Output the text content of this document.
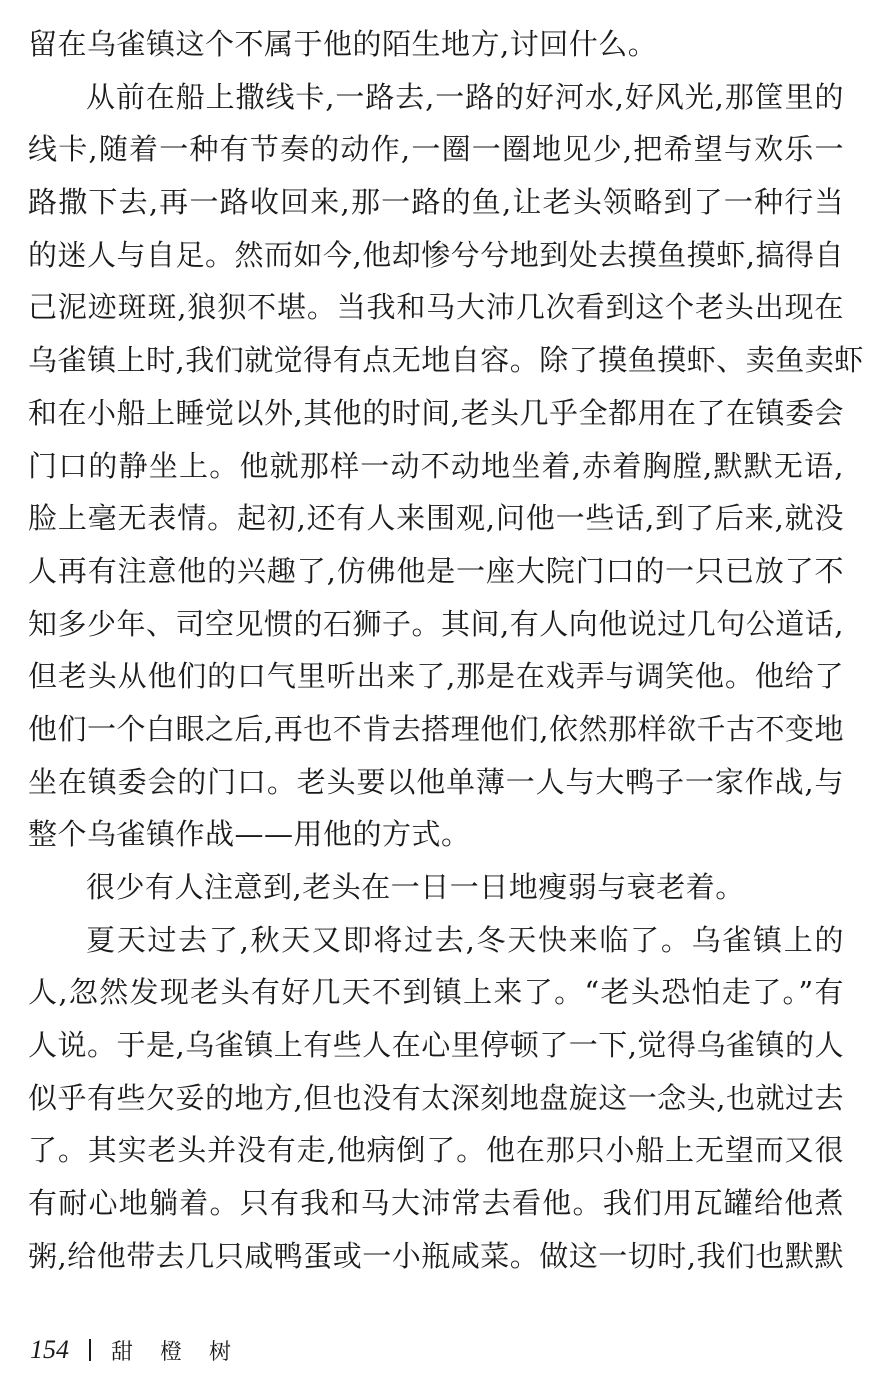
留在乌雀镇这个不属于他的陌生地方,讨回什么。
从前在船上撒线卡,一路去,一路的好河水,好风光,那筐里的
线卡,随着一种有节奏的动作,一圈一圈地见少,把希望与欢乐一
路撒下去,再一路收回来,那一路的鱼,让老头领略到了一种行当
的迷人与自足。然而如今,他却惨兮兮地到处去摸鱼摸虾,搞得自
己泥迹斑斑,狼狈不堪。当我和马大沛几次看到这个老头出现在
乌雀镇上时,我们就觉得有点无地自容。除了摸鱼摸虾、卖鱼卖虾
和在小船上睡觉以外,其他的时间,老头几乎全都用在了在镇委会
门口的静坐上。他就那样一动不动地坐着,赤着胸膛,默默无语,
脸上毫无表情。起初,还有人来围观,问他一些话,到了后来,就没
人再有注意他的兴趣了,仿佛他是一座大院门口的一只已放了不
知多少年、司空见惯的石狮子。其间,有人向他说过几句公道话,
但老头从他们的口气里听出来了,那是在戏弄与调笑他。他给了
他们一个白眼之后,再也不肯去搭理他们,依然那样欲千古不变地
坐在镇委会的门口。老头要以他单薄一人与大鸭子一家作战,与
整个乌雀镇作战——用他的方式。
很少有人注意到,老头在一日一日地瘦弱与衰老着。
夏天过去了,秋天又即将过去,冬天快来临了。乌雀镇上的
人,忽然发现老头有好几天不到镇上来了。“老头恐怕走了。”有
人说。于是,乌雀镇上有些人在心里停顿了一下,觉得乌雀镇的人
似乎有些欠妥的地方,但也没有太深刻地盘旋这一念头,也就过去
了。其实老头并没有走,他病倒了。他在那只小船上无望而又很
有耐心地躺着。只有我和马大沛常去看他。我们用瓦罐给他煮
粥,给他带去几只咸鸭蛋或一小瓶咸菜。做这一切时,我们也默默
154 甜 橙 树
